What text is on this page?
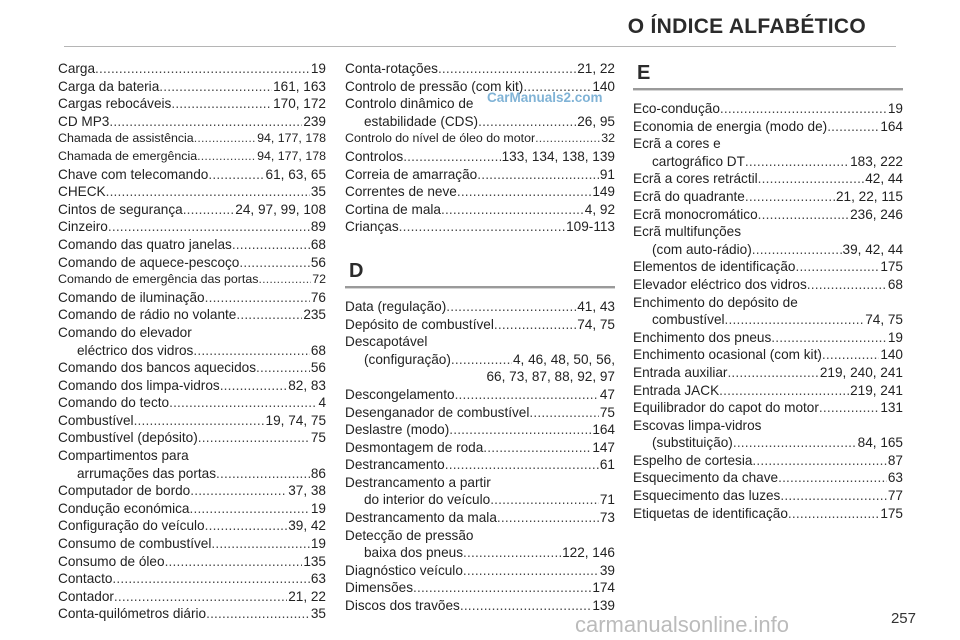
O ÍNDICE ALFABÉTICO
Carga .....	19
Carga da bateria .....	161, 163
Cargas rebocáveis .....	170, 172
CD MP3 .....	239
Chamada de assistência .....	94, 177, 178
Chamada de emergência .....	94, 177, 178
Chave com telecomando .....	61, 63, 65
CHECK .....	35
Cintos de segurança .....	24, 97, 99, 108
Cinzeiro .....	89
Comando das quatro janelas .....	68
Comando de aquece-pescoço .....	56
Comando de emergência das portas .....	72
Comando de iluminação .....	76
Comando de rádio no volante .....	235
Comando do elevador
eléctrico dos vidros .....	68
Comando dos bancos aquecidos .....	56
Comando dos limpa-vidros .....	82, 83
Comando do tecto .....	4
Combustível .....	19, 74, 75
Combustível (depósito) .....	75
Compartimentos para
arrumações das portas .....	86
Computador de bordo .....	37, 38
Condução económica .....	19
Configuração do veículo .....	39, 42
Consumo de combustível .....	19
Consumo de óleo .....	135
Contacto .....	63
Contador .....	21, 22
Conta-quilómetros diário .....	35
Conta-rotações .....	21, 22
Controlo de pressão (com kit) .....	140
Controlo dinâmico de
estabilidade (CDS) .....	26, 95
Controlo do nível de óleo do motor .....	32
Controlos .....	133, 134, 138, 139
Correia de amarração .....	91
Correntes de neve .....	149
Cortina de mala .....	4, 92
Crianças .....	109-113
D
Data (regulação) .....	41, 43
Depósito de combustível .....	74, 75
Descapotável
(configuração) .....	4, 46, 48, 50, 56,
66, 73, 87, 88, 92, 97
Descongelamento .....	47
Desenganador de combustível .....	75
Deslastre (modo) .....	164
Desmontagem de roda .....	147
Destrancamento .....	61
Destrancamento a partir
do interior do veículo .....	71
Destrancamento da mala .....	73
Detecção de pressão
baixa dos pneus .....	122, 146
Diagnóstico veículo .....	39
Dimensões .....	174
Discos dos travões .....	139
E
Eco-condução .....	19
Economia de energia (modo de) .....	164
Ecrã a cores e
cartográfico DT .....	183, 222
Ecrã a cores retráctil .....	42, 44
Ecrã do quadrante .....	21, 22, 115
Ecrã monocromático .....	236, 246
Ecrã multifunções
(com auto-rádio) .....	39, 42, 44
Elementos de identificação .....	175
Elevador eléctrico dos vidros .....	68
Enchimento do depósito de
combustível .....	74, 75
Enchimento dos pneus .....	19
Enchimento ocasional (com kit) .....	140
Entrada auxiliar .....	219, 240, 241
Entrada JACK .....	219, 241
Equilibrador do capot do motor .....	131
Escovas limpa-vidros
(substituição) .....	84, 165
Espelho de cortesia .....	87
Esquecimento da chave .....	63
Esquecimento das luzes .....	77
Etiquetas de identificação .....	175
CarManuals2.com
carmanualsonline.info	257
